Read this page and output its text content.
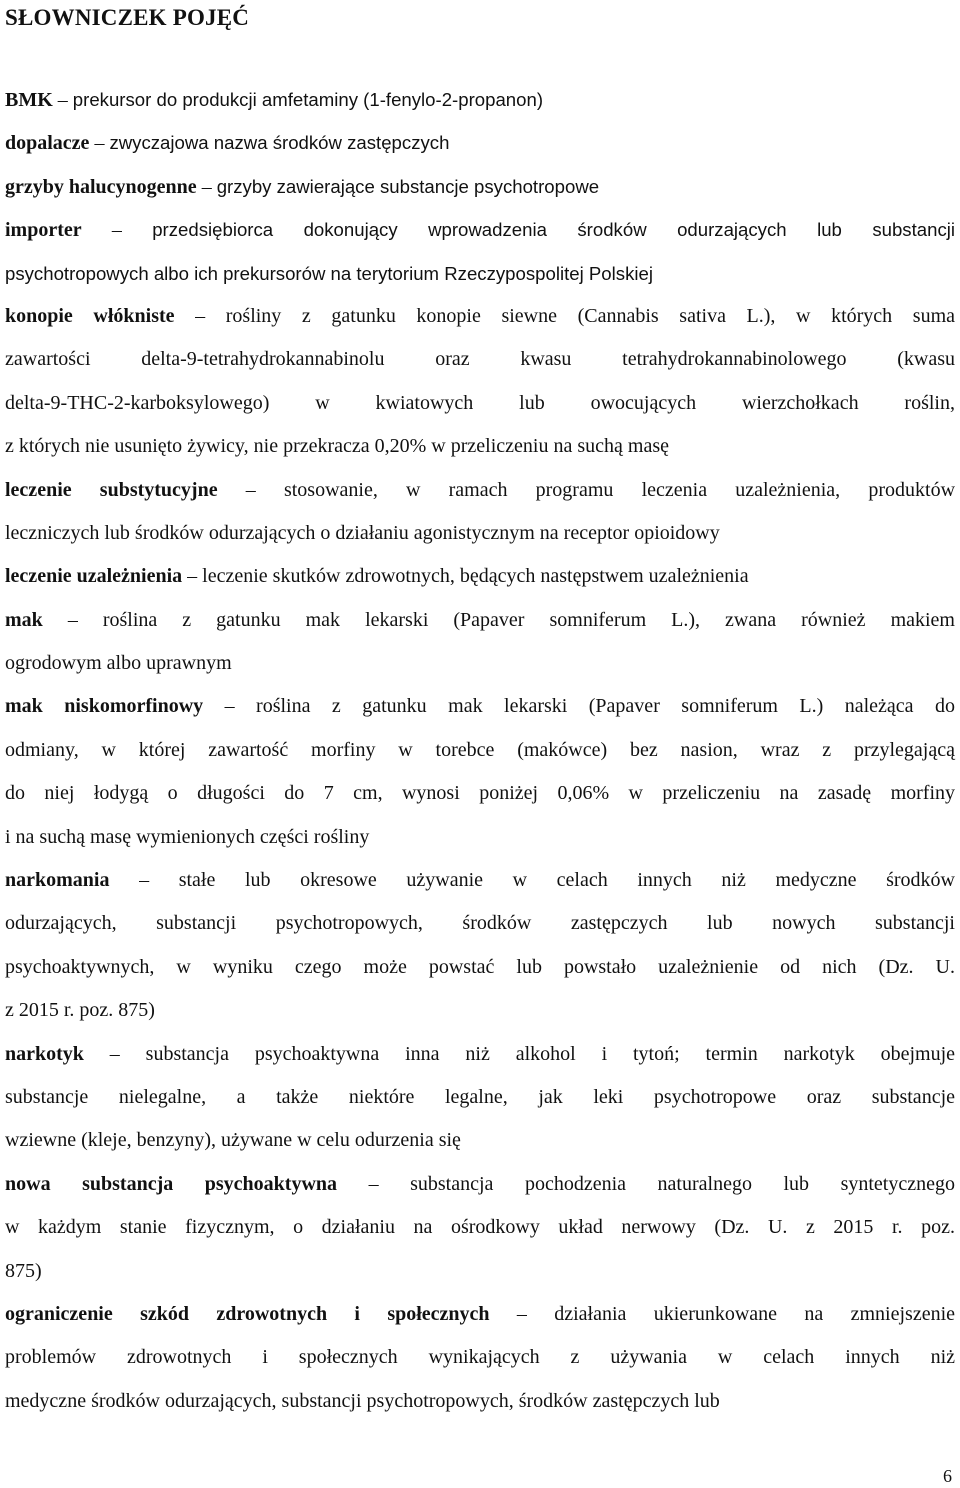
SŁOWNICZEK POJĘĆ
BMK – prekursor do produkcji amfetaminy (1-fenylo-2-propanon)
dopalacze – zwyczajowa nazwa środków zastępczych
grzyby halucynogenne – grzyby zawierające substancje psychotropowe
importer – przedsiębiorca dokonujący wprowadzenia środków odurzających lub substancji
psychotropowych albo ich prekursorów na terytorium Rzeczypospolitej Polskiej
konopie włókniste – rośliny z gatunku konopie siewne (Cannabis sativa L.), w których suma
zawartości delta-9-tetrahydrokannabinolu oraz kwasu tetrahydrokannabinolowego (kwasu
delta-9-THC-2-karboksylowego) w kwiatowych lub owocujących wierzchołkach roślin,
z których nie usunięto żywicy, nie przekracza 0,20% w przeliczeniu na suchą masę
leczenie substytucyjne – stosowanie, w ramach programu leczenia uzależnienia, produktów
leczniczych lub środków odurzających o działaniu agonistycznym na receptor opioidowy
leczenie uzależnienia – leczenie skutków zdrowotnych, będących następstwem uzależnienia
mak – roślina z gatunku mak lekarski (Papaver somniferum L.), zwana również makiem
ogrodowym albo uprawnym
mak niskomorfinowy – roślina z gatunku mak lekarski (Papaver somniferum L.) należąca do
odmiany, w której zawartość morfiny w torebce (makówce) bez nasion, wraz z przylegającą
do niej łodygą o długości do 7 cm, wynosi poniżej 0,06% w przeliczeniu na zasadę morfiny
i na suchą masę wymienionych części rośliny
narkomania – stałe lub okresowe używanie w celach innych niż medyczne środków
odurzających, substancji psychotropowych, środków zastępczych lub nowych substancji
psychoaktywnych, w wyniku czego może powstać lub powstało uzależnienie od nich (Dz. U.
z 2015 r. poz. 875)
narkotyk – substancja psychoaktywna inna niż alkohol i tytoń; termin narkotyk obejmuje
substancje nielegalne, a także niektóre legalne, jak leki psychotropowe oraz substancje
wziewne (kleje, benzyny), używane w celu odurzenia się
nowa substancja psychoaktywna – substancja pochodzenia naturalnego lub syntetycznego
w każdym stanie fizycznym, o działaniu na ośrodkowy układ nerwowy (Dz. U. z 2015 r. poz.
875)
ograniczenie szkód zdrowotnych i społecznych – działania ukierunkowane na zmniejszenie
problemów zdrowotnych i społecznych wynikających z używania w celach innych niż
medyczne środków odurzających, substancji psychotropowych, środków zastępczych lub
6
